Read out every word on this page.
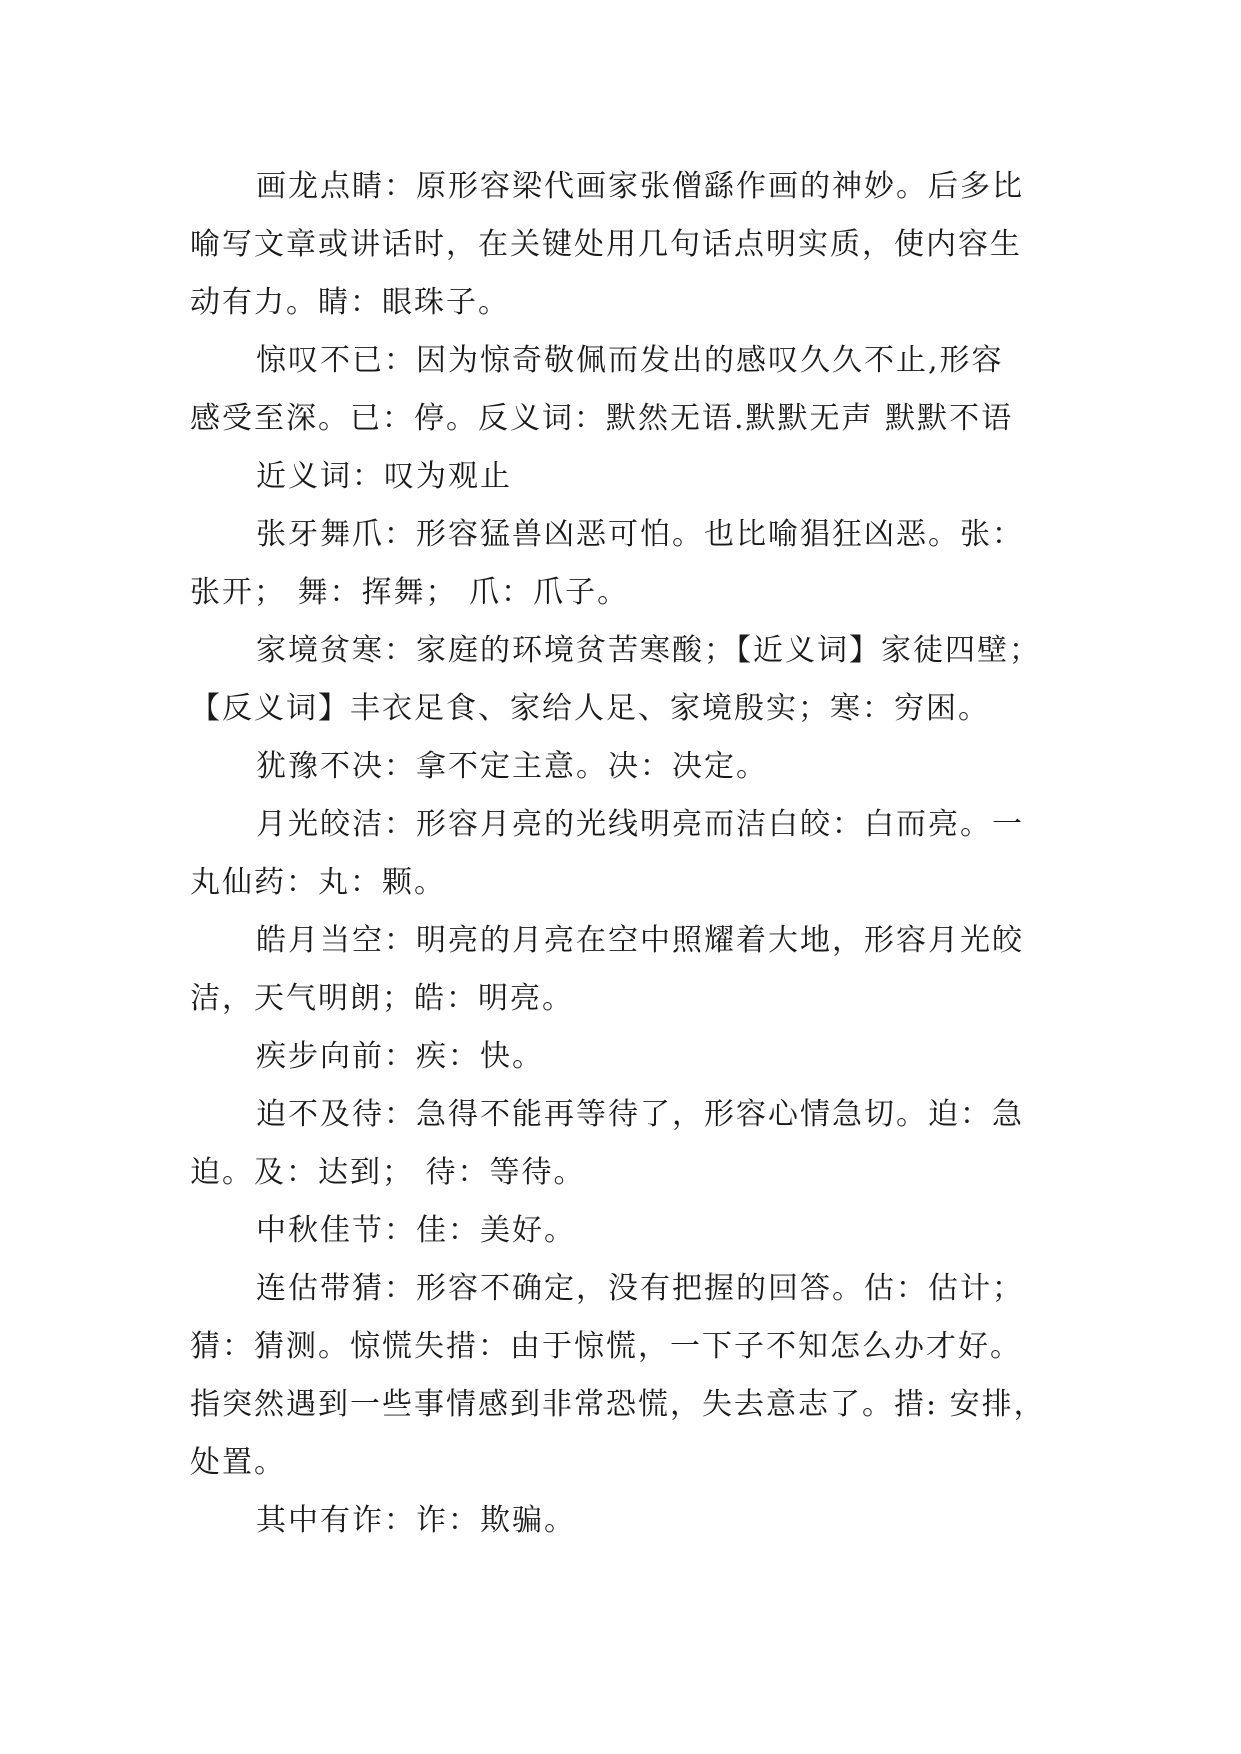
画龙点睛：原形容梁代画家张僧繇作画的神妙。后多比
喻写文章或讲话时，在关键处用几句话点明实质，使内容生
动有力。睛：眼珠子。
惊叹不已：因为惊奇敬佩而发出的感叹久久不止,形容
感受至深。已：停。反义词：默然无语.默默无声 默默不语
近义词：叹为观止
张牙舞爪：形容猛兽凶恶可怕。也比喻猖狂凶恶。张：
张开； 舞：挥舞； 爪：爪子。
家境贫寒：家庭的环境贫苦寒酸；【近义词】家徒四壁；
【反义词】丰衣足食、家给人足、家境殷实；寒：穷困。
犹豫不决：拿不定主意。决：决定。
月光皎洁：形容月亮的光线明亮而洁白皎：白而亮。一
丸仙药：丸：颗。
皓月当空：明亮的月亮在空中照耀着大地，形容月光皎
洁，天气明朗；皓：明亮。
疾步向前：疾：快。
迫不及待：急得不能再等待了，形容心情急切。迫：急
迫。及：达到； 待：等待。
中秋佳节：佳：美好。
连估带猜：形容不确定，没有把握的回答。估：估计；
猜：猜测。惊慌失措：由于惊慌，一下子不知怎么办才好。
指突然遇到一些事情感到非常恐慌，失去意志了。措: 安排，
处置。
其中有诈：诈：欺骗。
